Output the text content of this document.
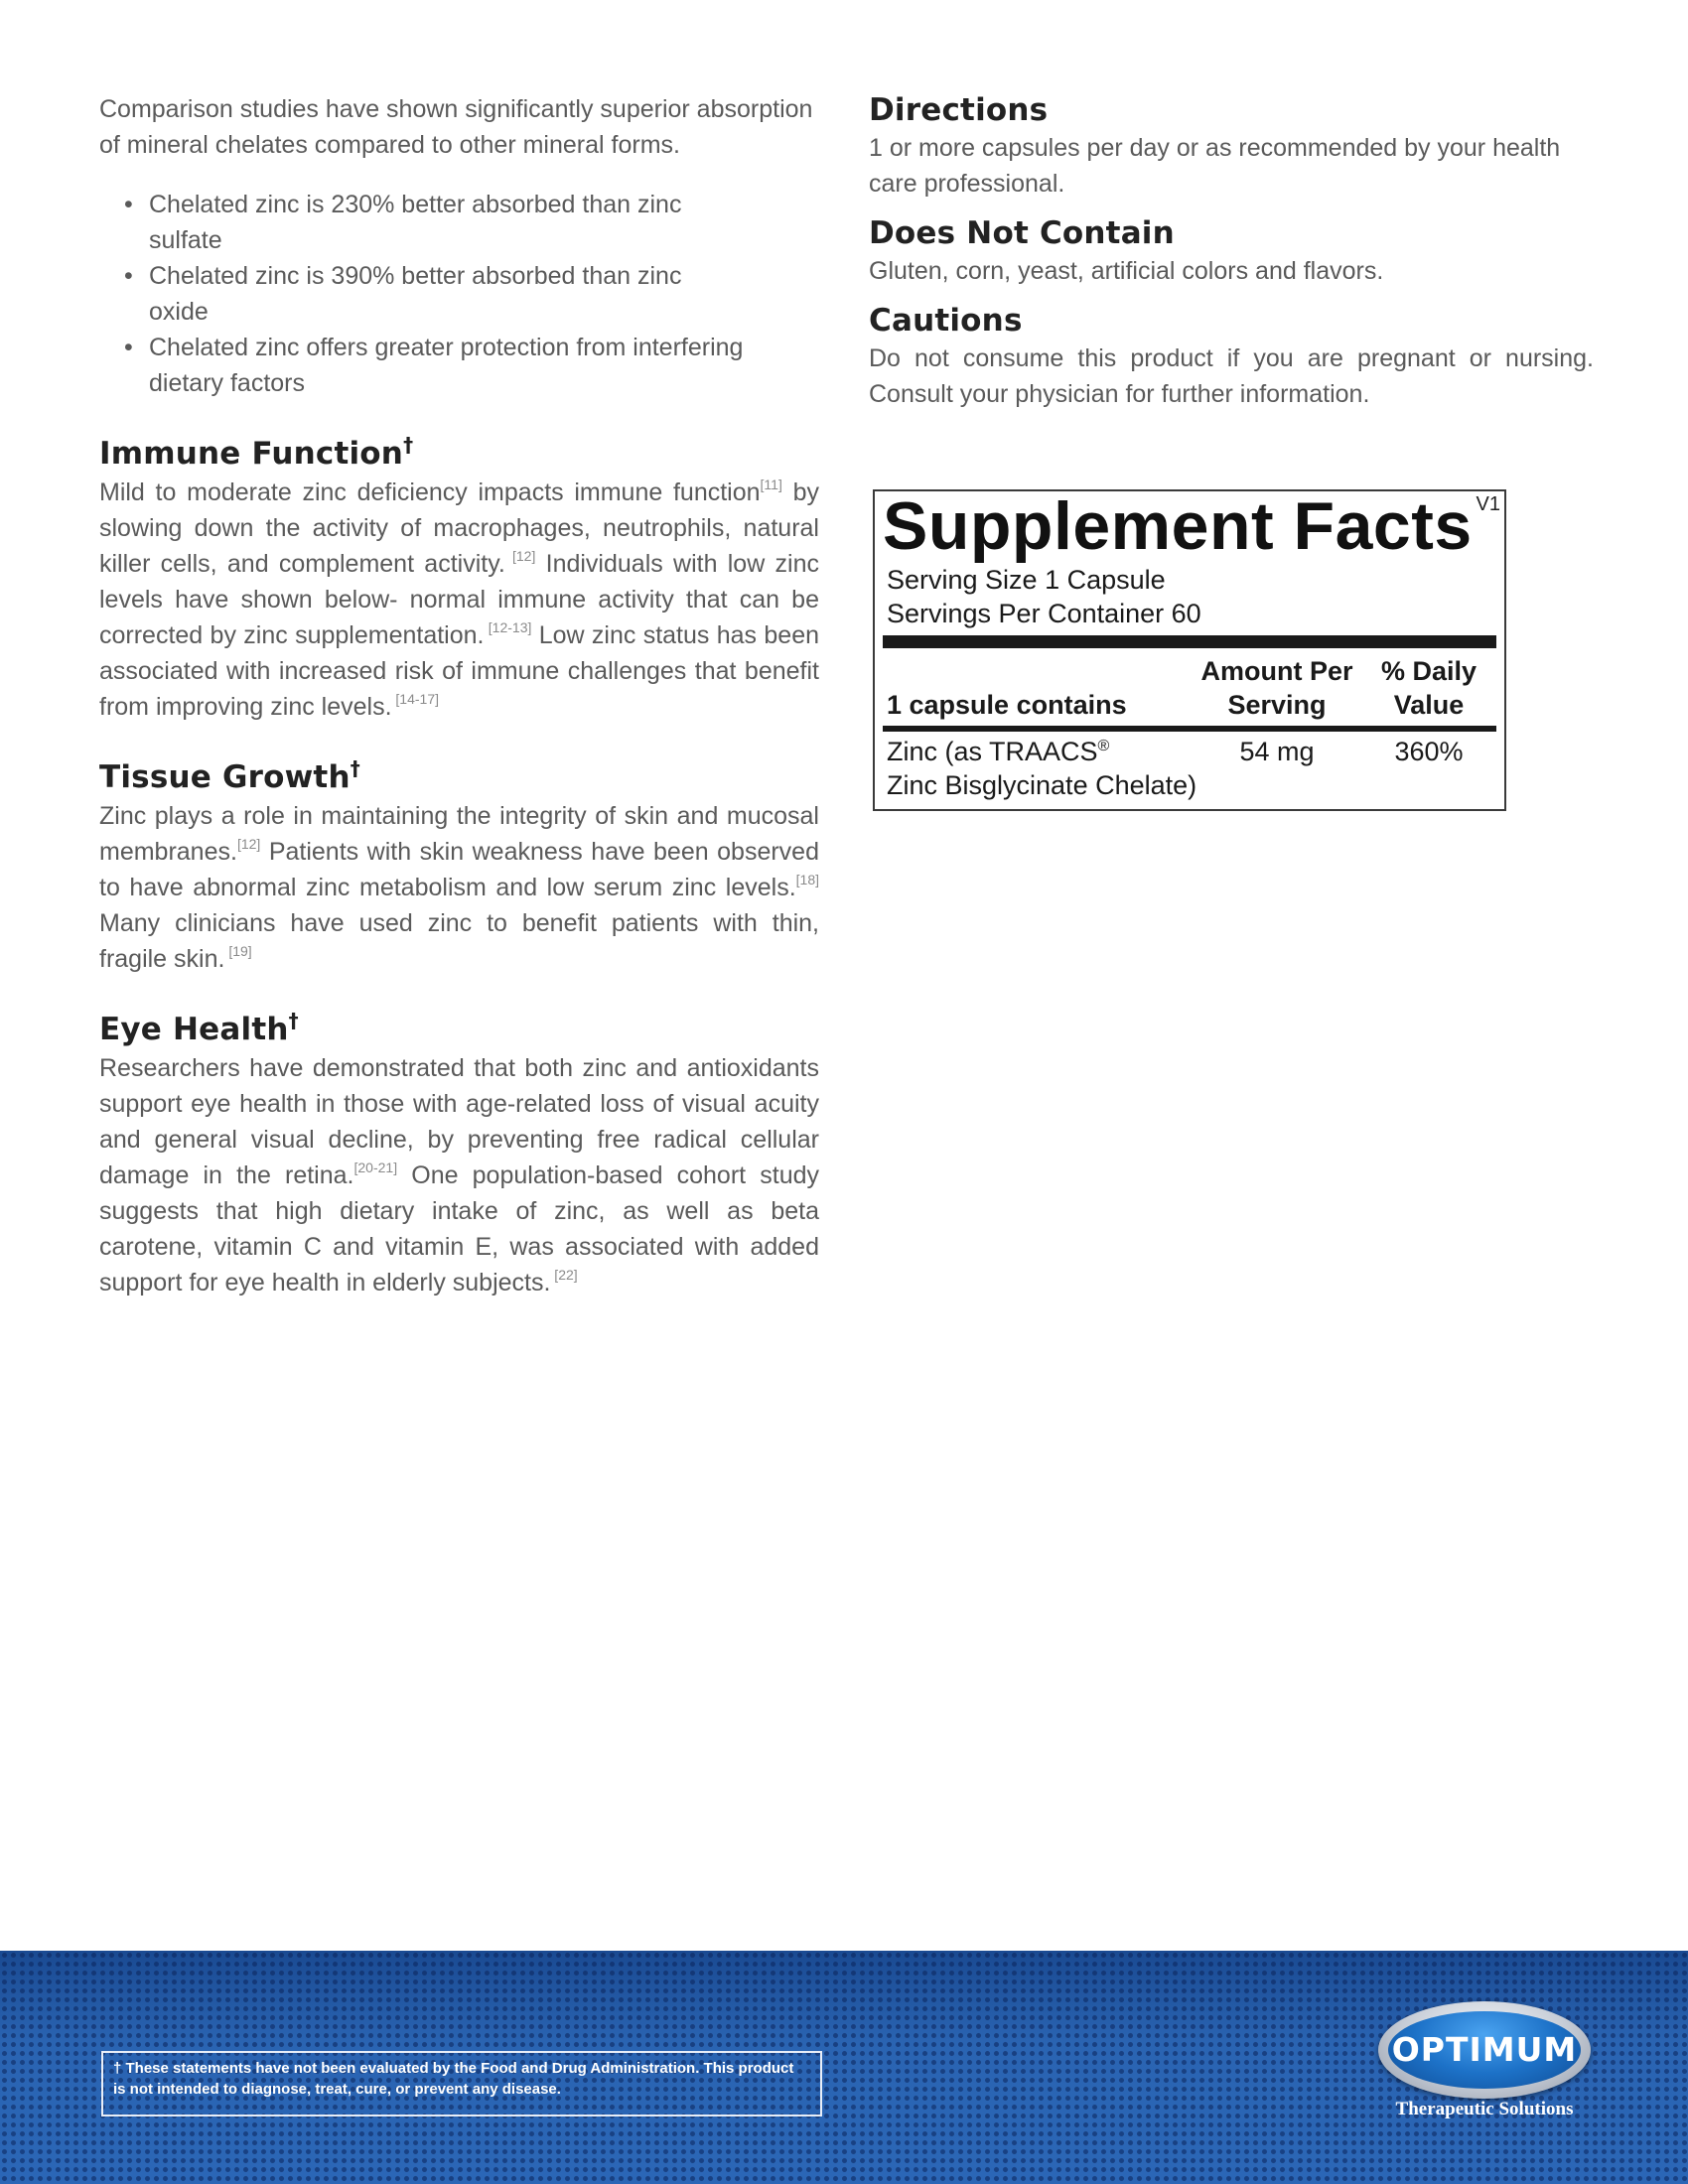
Comparison studies have shown significantly superior absorption of mineral chelates compared to other mineral forms.

• Chelated zinc is 230% better absorbed than zinc sulfate
• Chelated zinc is 390% better absorbed than zinc oxide
• Chelated zinc offers greater protection from interfering dietary factors
Immune Function†

Mild to moderate zinc deficiency impacts immune function[11] by slowing down the activity of macrophages, neutrophils, natural killer cells, and complement activity. [12] Individuals with low zinc levels have shown below- normal immune activity that can be corrected by zinc supplementation. [12-13] Low zinc status has been associated with increased risk of immune challenges that benefit from improving zinc levels. [14-17]

Tissue Growth†

Zinc plays a role in maintaining the integrity of skin and mucosal membranes.[12] Patients with skin weakness have been observed to have abnormal zinc metabolism and low serum zinc levels.[18] Many clinicians have used zinc to benefit patients with thin, fragile skin. [19]

Eye Health†

Researchers have demonstrated that both zinc and antioxidants support eye health in those with age-related loss of visual acuity and general visual decline, by preventing free radical cellular damage in the retina.[20-21] One population-based cohort study suggests that high dietary intake of zinc, as well as beta carotene, vitamin C and vitamin E, was associated with added support for eye health in elderly subjects. [22]

Directions

1 or more capsules per day or as recommended by your health care professional.

Does Not Contain

Gluten, corn, yeast, artificial colors and flavors.

Cautions

Do not consume this product if you are pregnant or nursing. Consult your physician for further information.

Supplement Facts V1
Serving Size 1 Capsule
Servings Per Container 60
Amount Per
Serving
% Daily
Value
1 capsule contains
Zinc (as TRAACS®
Zinc Bisglycinate Chelate)
54 mg	360%
† These statements have not been evaluated by the Food and Drug Administration. This product is not intended to diagnose, treat, cure, or prevent any disease.
OPTIMUM
Therapeutic Solutions
